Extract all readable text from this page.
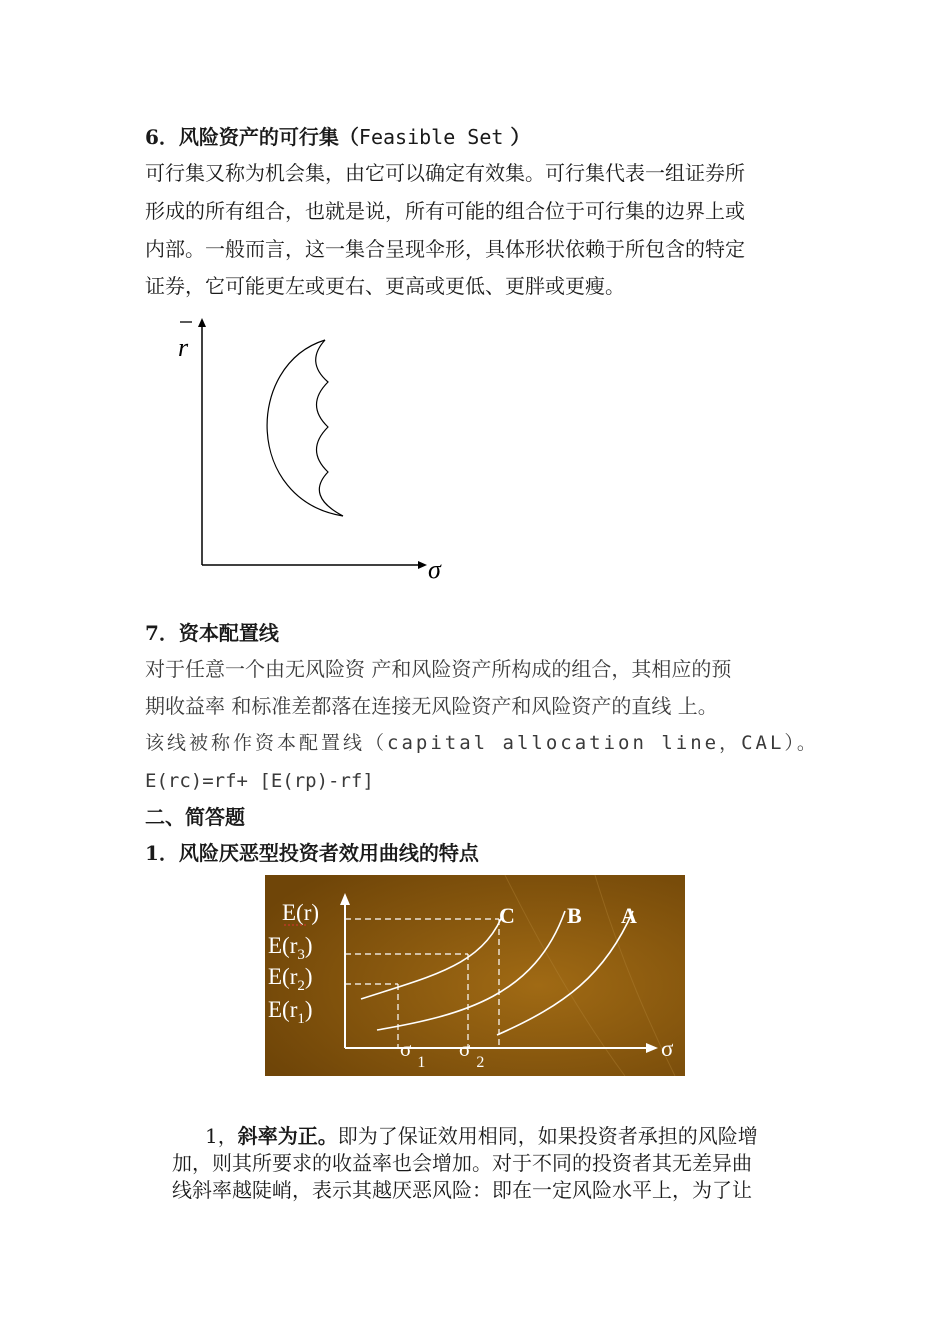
6．风险资产的可行集（Feasible Set ）
可行集又称为机会集，由它可以确定有效集。可行集代表一组证券所
形成的所有组合，也就是说，所有可能的组合位于可行集的边界上或
内部。一般而言，这一集合呈现伞形，具体形状依赖于所包含的特定
证券，它可能更左或更右、更高或更低、更胖或更瘦。
r
σ
7．资本配置线
对于任意一个由无风险资 产和风险资产所构成的组合，其相应的预
期收益率 和标准差都落在连接无风险资产和风险资产的直线 上。
该线被称作资本配置线（capital allocation line，CAL）。
E(rc)=rf+ [E(rp)-rf]
二、简答题
1．风险厌恶型投资者效用曲线的特点
E(r)
$E(r_3)$
$E(r_2)$
$E(r_1)$
C B A
$\sigma_1$
$\sigma_2$
σ
1，斜率为正。即为了保证效用相同，如果投资者承担的风险增
加，则其所要求的收益率也会增加。对于不同的投资者其无差异曲
线斜率越陡峭，表示其越厌恶风险：即在一定风险水平上，为了让
